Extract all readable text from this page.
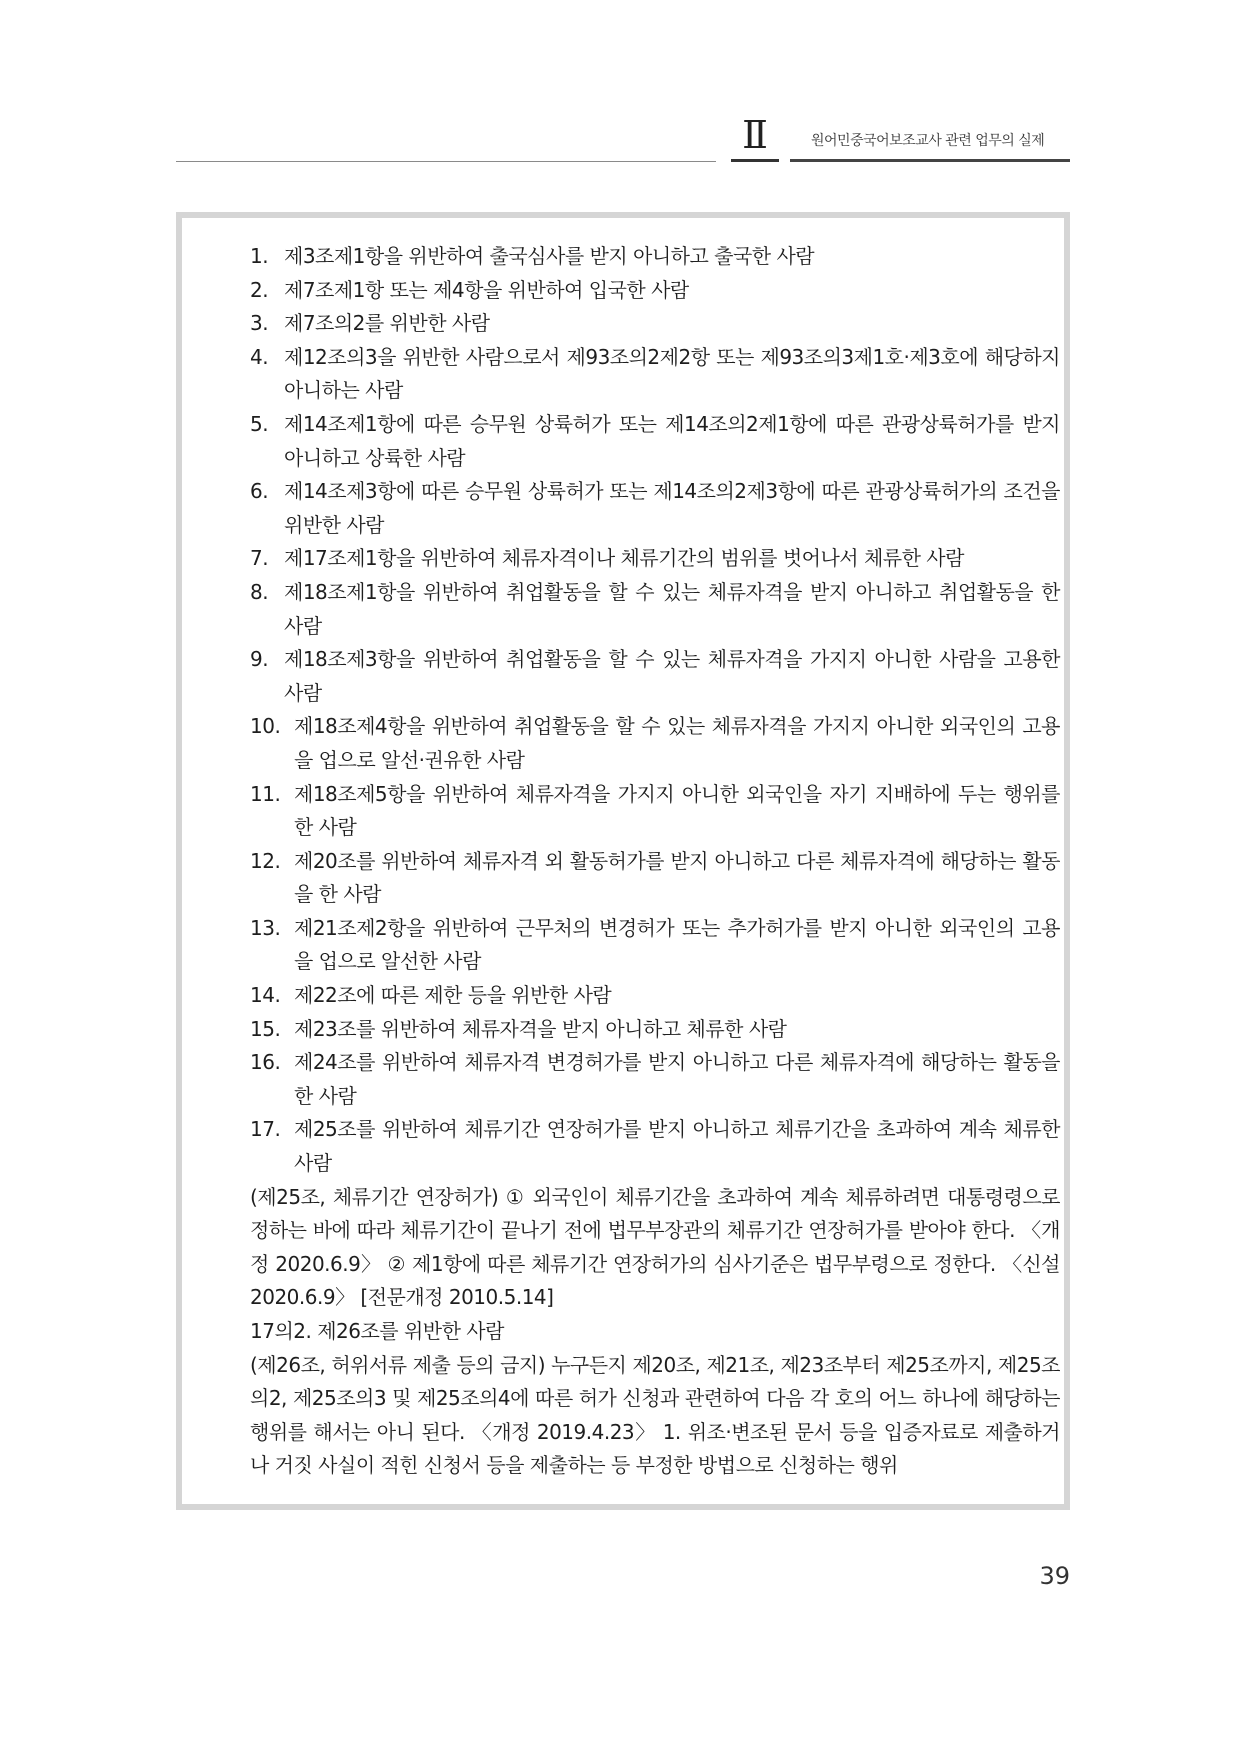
Ⅱ	원어민중국어보조교사 관련 업무의 실제
1. 제3조제1항을 위반하여 출국심사를 받지 아니하고 출국한 사람
2. 제7조제1항 또는 제4항을 위반하여 입국한 사람
3. 제7조의2를 위반한 사람
4. 제12조의3을 위반한 사람으로서 제93조의2제2항 또는 제93조의3제1호·제3호에 해당하지 아니하는 사람
5. 제14조제1항에 따른 승무원 상륙허가 또는 제14조의2제1항에 따른 관광상륙허가를 받지 아니하고 상륙한 사람
6. 제14조제3항에 따른 승무원 상륙허가 또는 제14조의2제3항에 따른 관광상륙허가의 조건을 위반한 사람
7. 제17조제1항을 위반하여 체류자격이나 체류기간의 범위를 벗어나서 체류한 사람
8. 제18조제1항을 위반하여 취업활동을 할 수 있는 체류자격을 받지 아니하고 취업활동을 한 사람
9. 제18조제3항을 위반하여 취업활동을 할 수 있는 체류자격을 가지지 아니한 사람을 고용한 사람
10. 제18조제4항을 위반하여 취업활동을 할 수 있는 체류자격을 가지지 아니한 외국인의 고용을 업으로 알선·권유한 사람
11. 제18조제5항을 위반하여 체류자격을 가지지 아니한 외국인을 자기 지배하에 두는 행위를 한 사람
12. 제20조를 위반하여 체류자격 외 활동허가를 받지 아니하고 다른 체류자격에 해당하는 활동을 한 사람
13. 제21조제2항을 위반하여 근무처의 변경허가 또는 추가허가를 받지 아니한 외국인의 고용을 업으로 알선한 사람
14. 제22조에 따른 제한 등을 위반한 사람
15. 제23조를 위반하여 체류자격을 받지 아니하고 체류한 사람
16. 제24조를 위반하여 체류자격 변경허가를 받지 아니하고 다른 체류자격에 해당하는 활동을 한 사람
17. 제25조를 위반하여 체류기간 연장허가를 받지 아니하고 체류기간을 초과하여 계속 체류한 사람
(제25조, 체류기간 연장허가) ① 외국인이 체류기간을 초과하여 계속 체류하려면 대통령령으로 정하는 바에 따라 체류기간이 끝나기 전에 법무부장관의 체류기간 연장허가를 받아야 한다. 〈개정 2020.6.9〉 ② 제1항에 따른 체류기간 연장허가의 심사기준은 법무부령으로 정한다. 〈신설 2020.6.9〉 [전문개정 2010.5.14]
17의2. 제26조를 위반한 사람
(제26조, 허위서류 제출 등의 금지) 누구든지 제20조, 제21조, 제23조부터 제25조까지, 제25조의2, 제25조의3 및 제25조의4에 따른 허가 신청과 관련하여 다음 각 호의 어느 하나에 해당하는 행위를 해서는 아니 된다. 〈개정 2019.4.23〉 1. 위조·변조된 문서 등을 입증자료로 제출하거나 거짓 사실이 적힌 신청서 등을 제출하는 등 부정한 방법으로 신청하는 행위
39
